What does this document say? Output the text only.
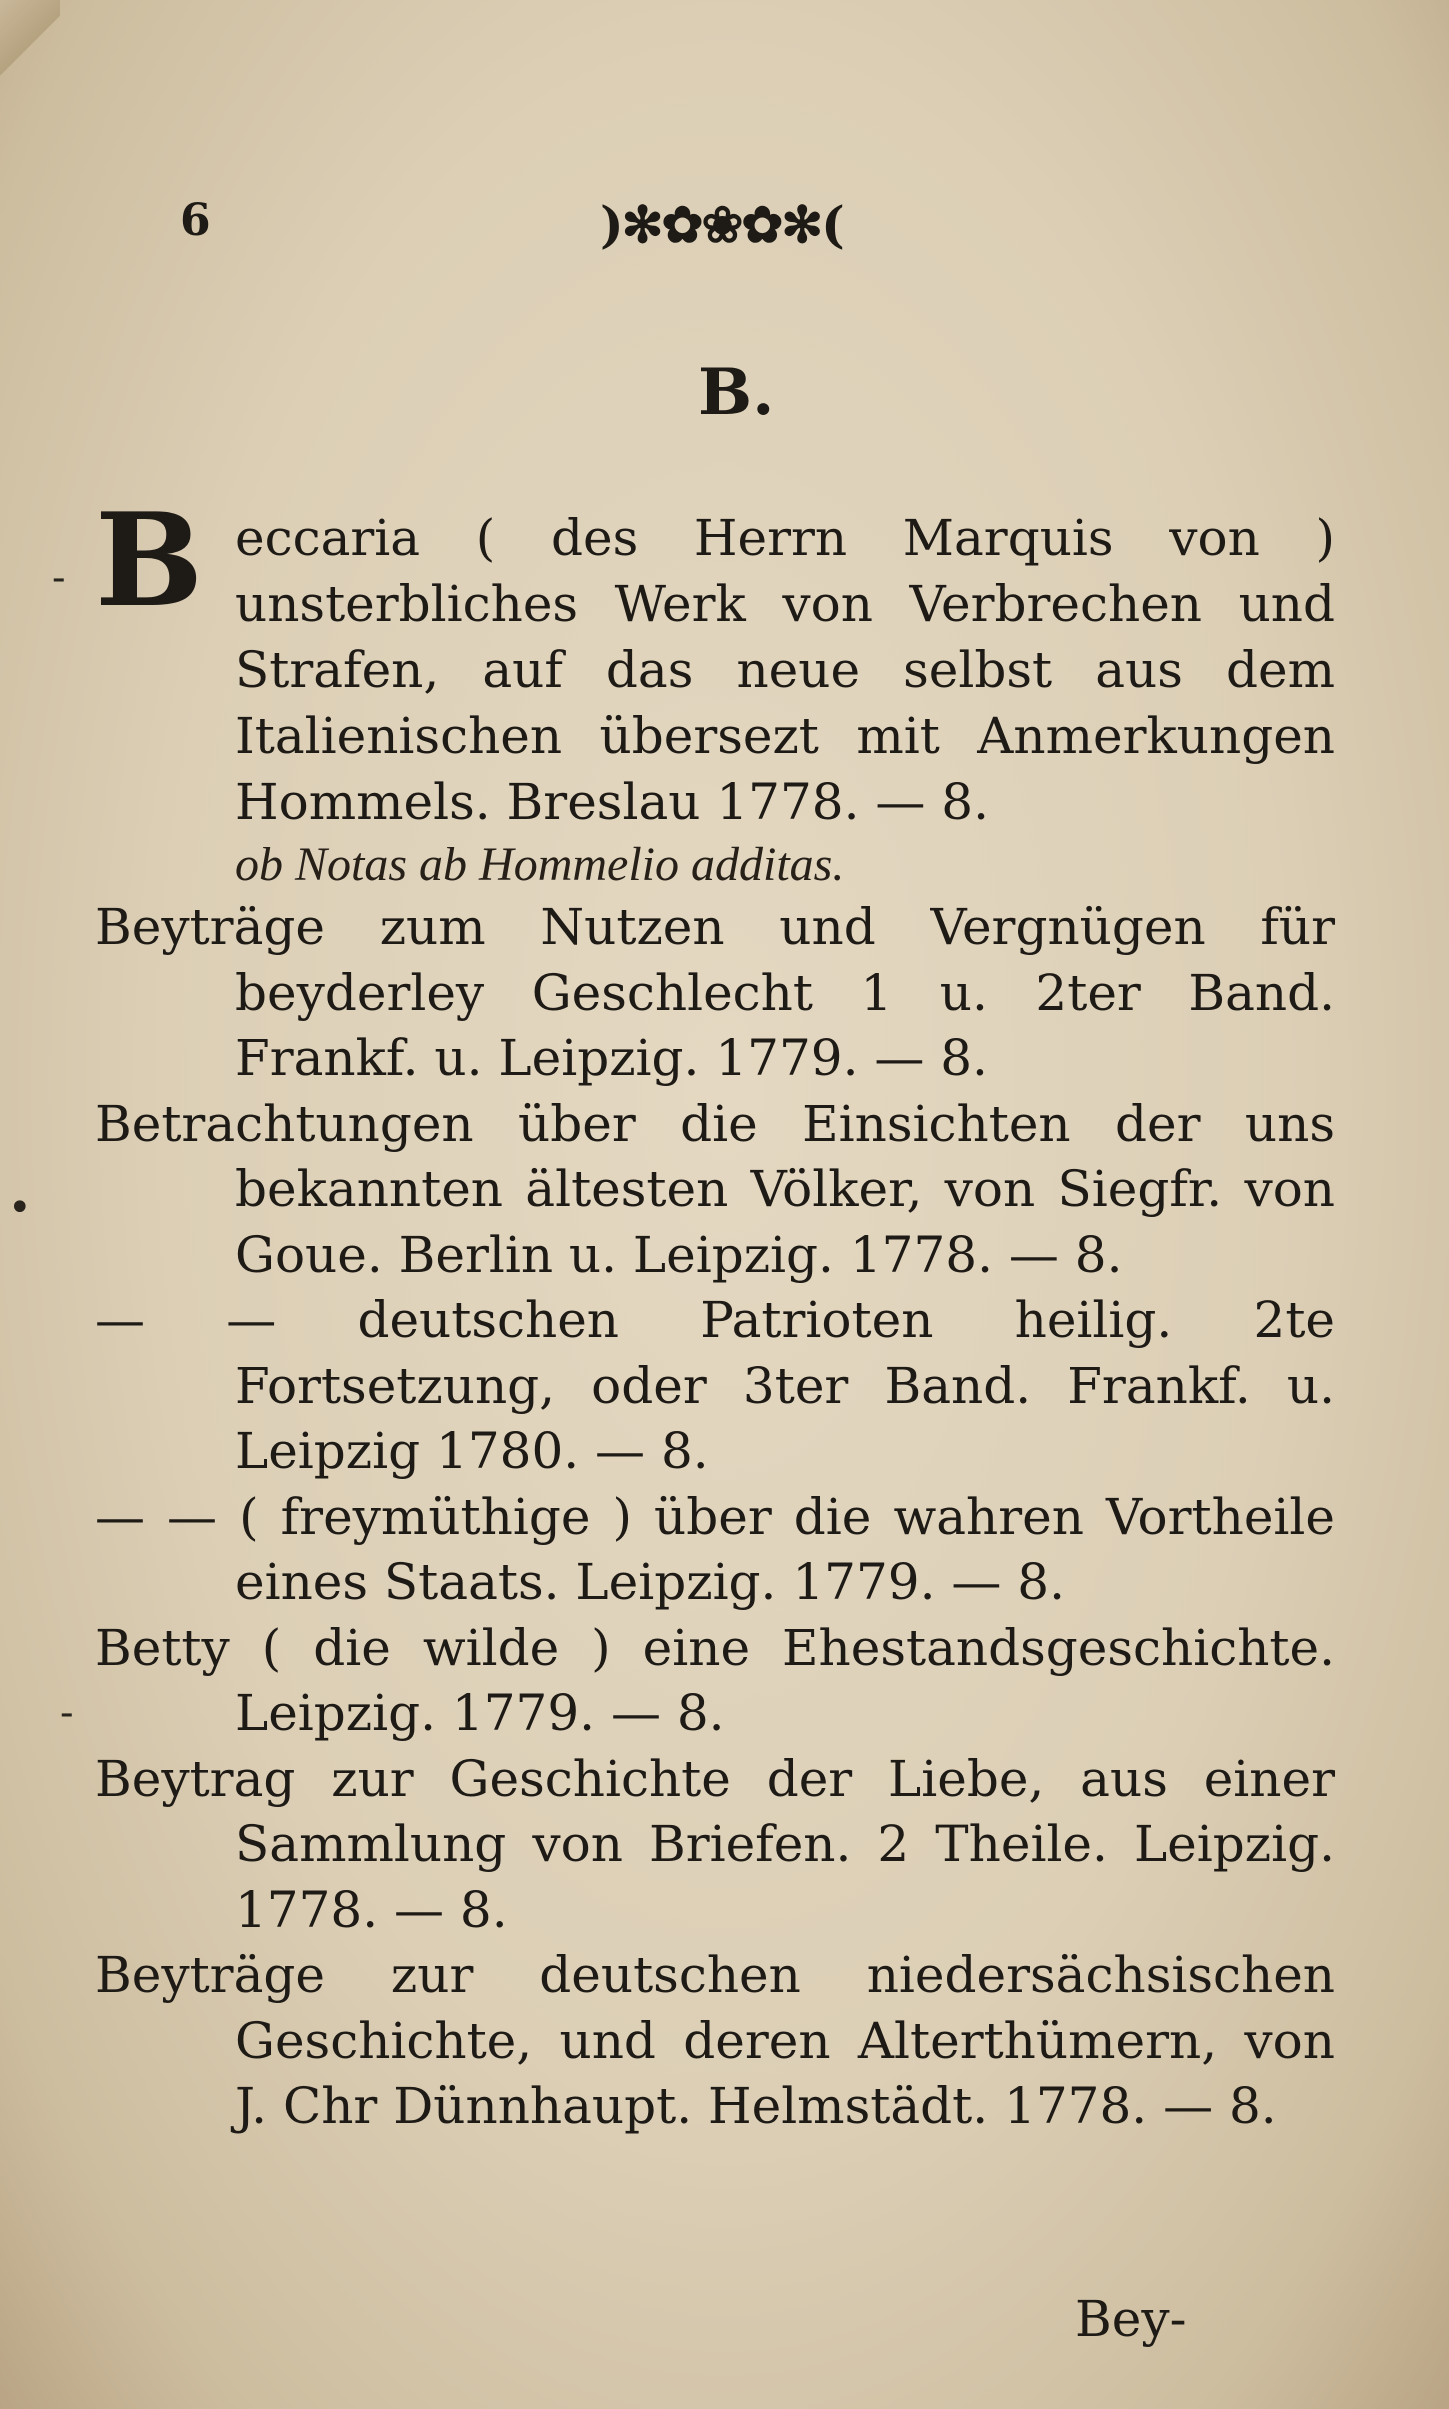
6	)✻✿❀✿✻(
B.
-
•
-
B eccaria ( des Herrn Marquis von ) unsterbliches Werk von Verbrechen und Strafen, auf das neue selbst aus dem Italienischen übersezt mit Anmerkungen Hommels. Breslau 1778. — 8.
ob Notas ab Hommelio additas.
Beyträge zum Nutzen und Vergnügen für beyderley Geschlecht 1 u. 2ter Band. Frankf. u. Leipzig. 1779. — 8.
Betrachtungen über die Einsichten der uns bekannten ältesten Völker, von Siegfr. von Goue. Berlin u. Leipzig. 1778. — 8.
— — deutschen Patrioten heilig. 2te Fortsetzung, oder 3ter Band. Frankf. u. Leipzig 1780. — 8.
— — ( freymüthige ) über die wahren Vortheile eines Staats. Leipzig. 1779. — 8.
Betty ( die wilde ) eine Ehestandsgeschichte. Leipzig. 1779. — 8.
Beytrag zur Geschichte der Liebe, aus einer Sammlung von Briefen. 2 Theile. Leipzig. 1778. — 8.
Beyträge zur deutschen niedersächsischen Geschichte, und deren Alterthümern, von J. Chr Dünnhaupt. Helmstädt. 1778. — 8.
Bey-
